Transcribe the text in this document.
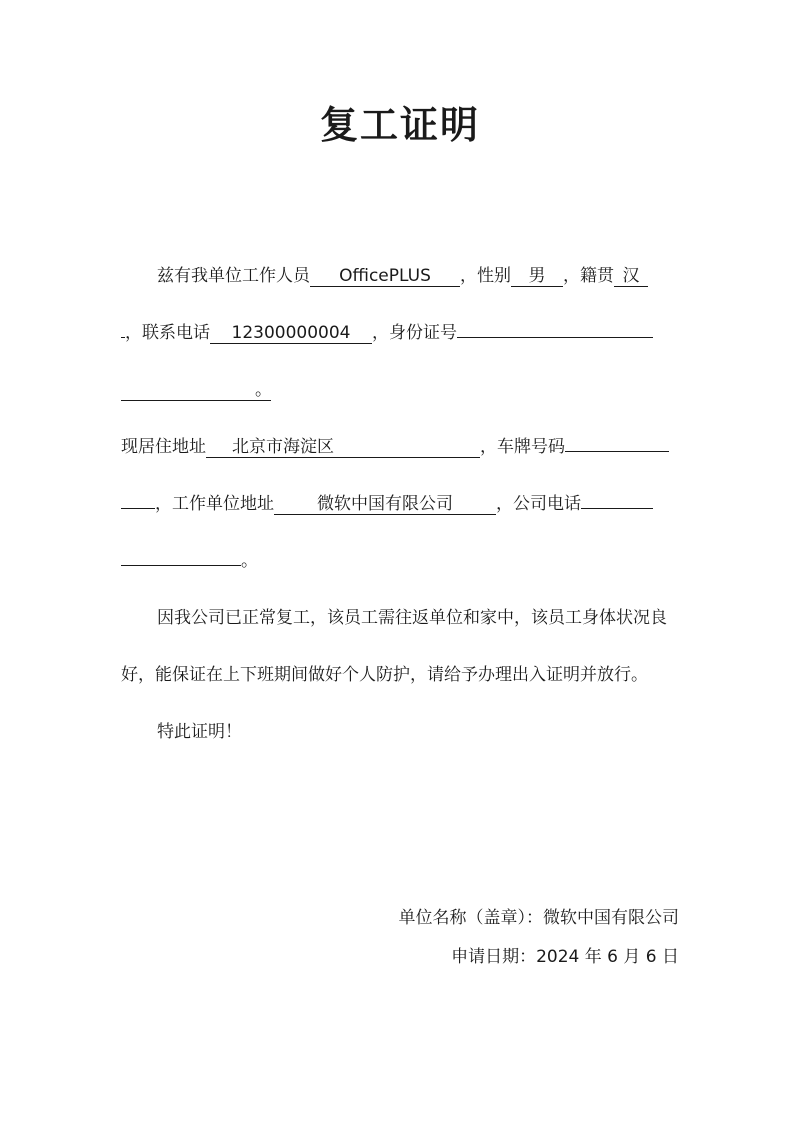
复工证明
兹有我单位工作人员 OfficePLUS ，性别 男 ，籍贯 汉
，联系电话 12300000004 ，身份证号
。
现居住地址 北京市海淀区	，车牌号码
，工作单位地址	微软中国有限公司	，公司电话
。
因我公司已正常复工，该员工需往返单位和家中，该员工身体状况良好，能保证在上下班期间做好个人防护，请给予办理出入证明并放行。
特此证明！
单位名称（盖章）：微软中国有限公司
申请日期：2024 年 6 月 6 日
